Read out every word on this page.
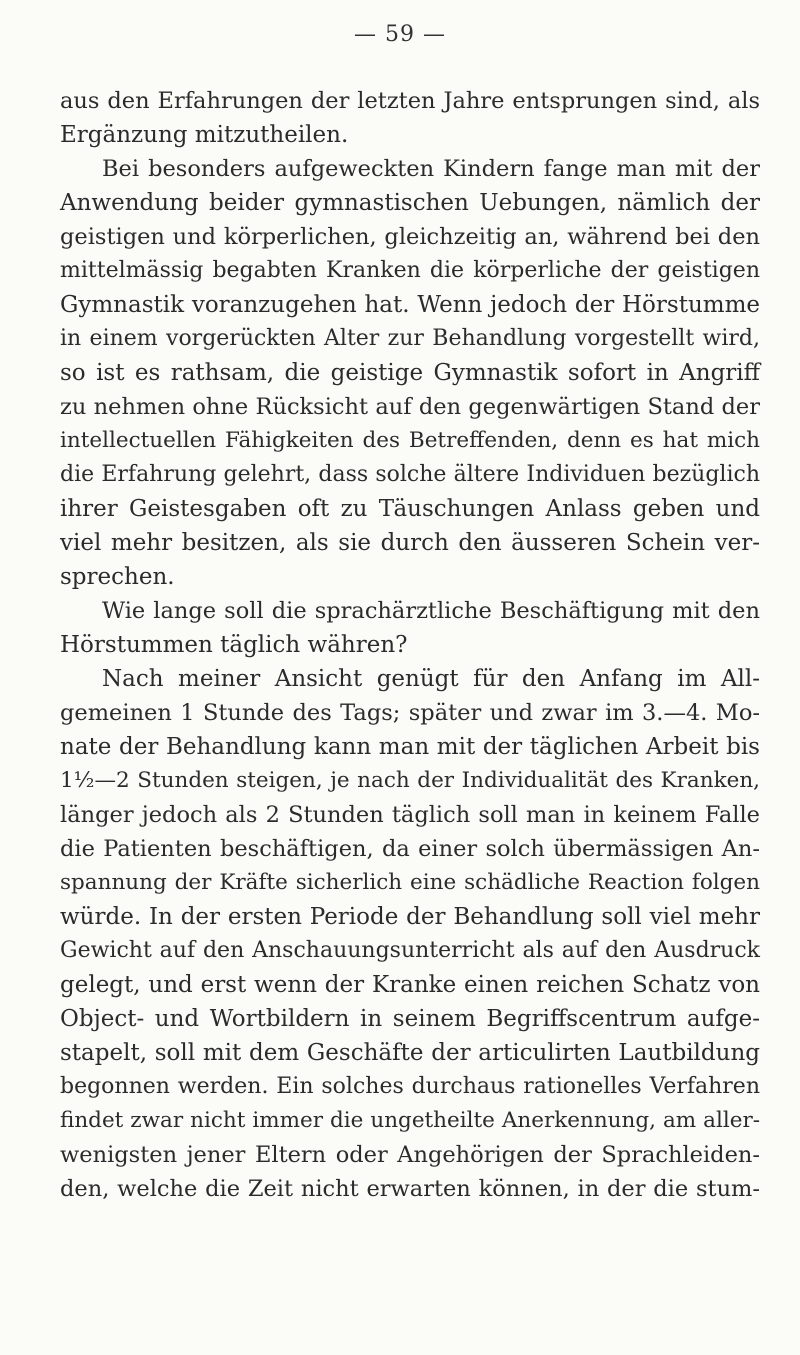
— 59 —
aus den Erfahrungen der letzten Jahre entsprungen sind, als
Ergänzung mitzutheilen.
Bei besonders aufgeweckten Kindern fange man mit der
Anwendung beider gymnastischen Uebungen, nämlich der
geistigen und körperlichen, gleichzeitig an, während bei den
mittelmässig begabten Kranken die körperliche der geistigen
Gymnastik voranzugehen hat. Wenn jedoch der Hörstumme
in einem vorgerückten Alter zur Behandlung vorgestellt wird,
so ist es rathsam, die geistige Gymnastik sofort in Angriff
zu nehmen ohne Rücksicht auf den gegenwärtigen Stand der
intellectuellen Fähigkeiten des Betreffenden, denn es hat mich
die Erfahrung gelehrt, dass solche ältere Individuen bezüglich
ihrer Geistesgaben oft zu Täuschungen Anlass geben und
viel mehr besitzen, als sie durch den äusseren Schein ver-
sprechen.
Wie lange soll die sprachärztliche Beschäftigung mit den
Hörstummen täglich währen?
Nach meiner Ansicht genügt für den Anfang im All-
gemeinen 1 Stunde des Tags; später und zwar im 3.—4. Mo-
nate der Behandlung kann man mit der täglichen Arbeit bis
1½—2 Stunden steigen, je nach der Individualität des Kranken,
länger jedoch als 2 Stunden täglich soll man in keinem Falle
die Patienten beschäftigen, da einer solch übermässigen An-
spannung der Kräfte sicherlich eine schädliche Reaction folgen
würde. In der ersten Periode der Behandlung soll viel mehr
Gewicht auf den Anschauungsunterricht als auf den Ausdruck
gelegt, und erst wenn der Kranke einen reichen Schatz von
Object- und Wortbildern in seinem Begriffscentrum aufge-
stapelt, soll mit dem Geschäfte der articulirten Lautbildung
begonnen werden. Ein solches durchaus rationelles Verfahren
findet zwar nicht immer die ungetheilte Anerkennung, am aller-
wenigsten jener Eltern oder Angehörigen der Sprachleiden-
den, welche die Zeit nicht erwarten können, in der die stum-
